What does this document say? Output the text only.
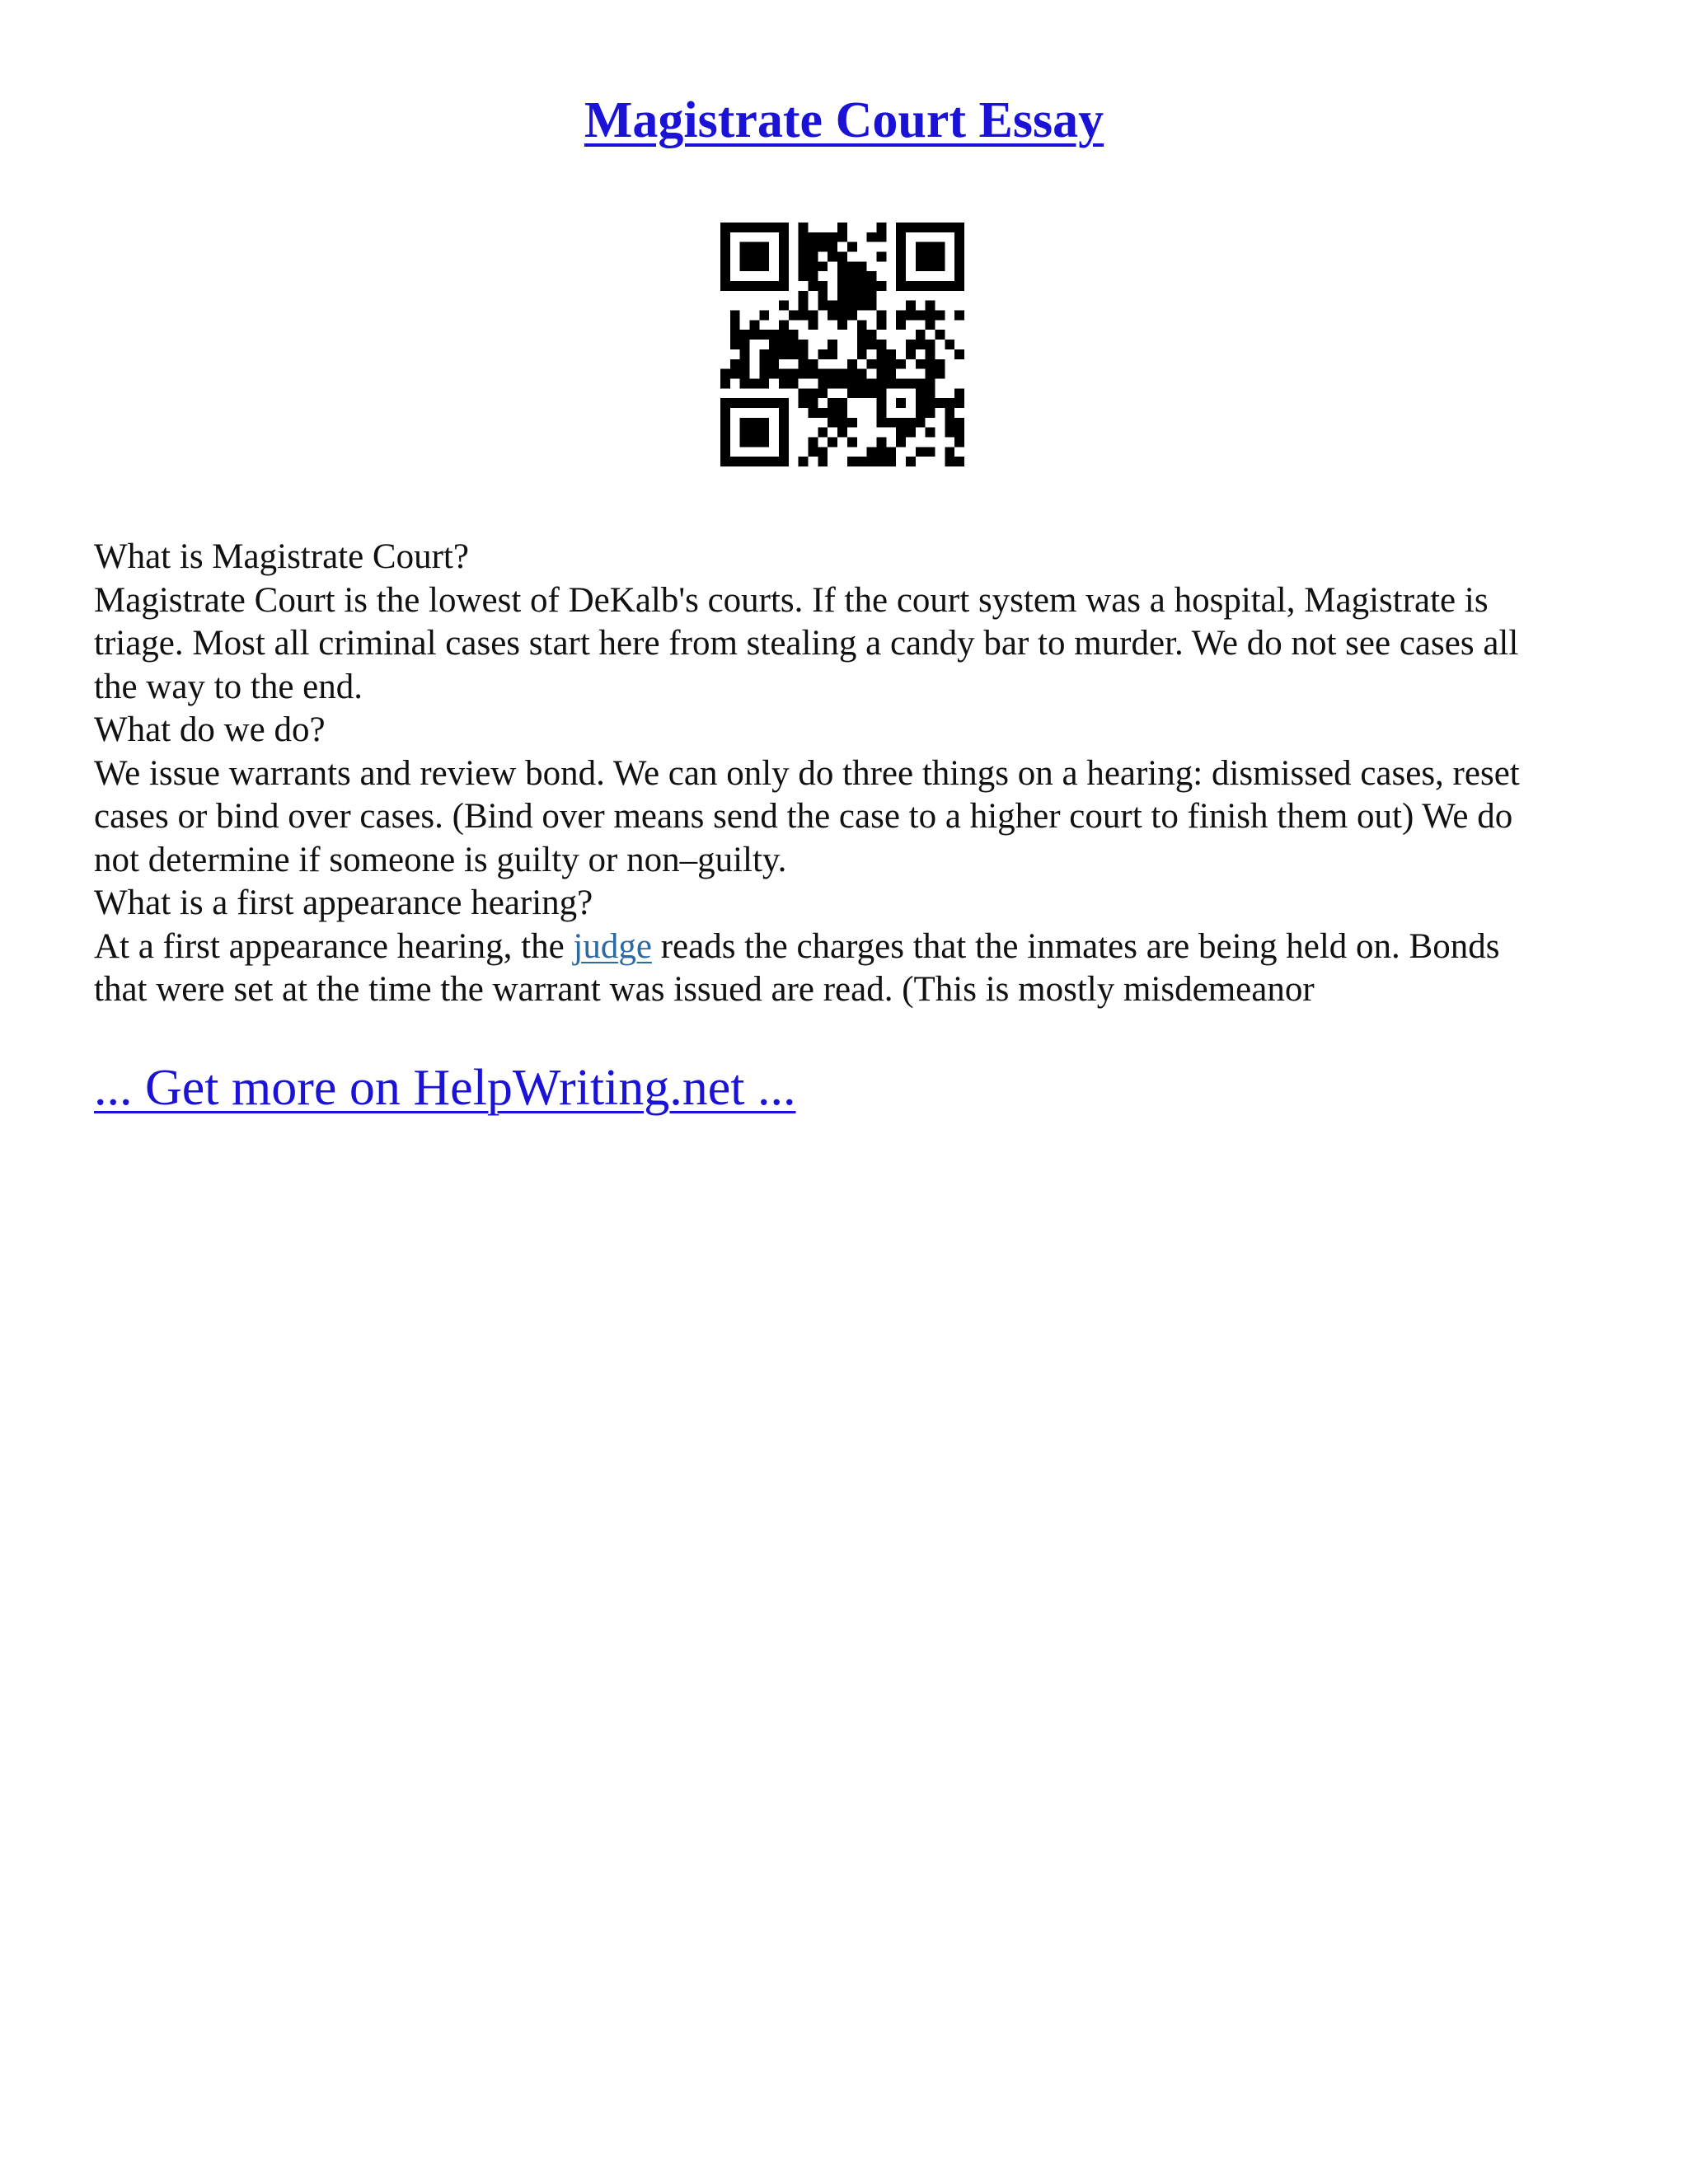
Magistrate Court Essay
What is Magistrate Court?
Magistrate Court is the lowest of DeKalb's courts. If the court system was a hospital, Magistrate is
triage. Most all criminal cases start here from stealing a candy bar to murder. We do not see cases all
the way to the end.
What do we do?
We issue warrants and review bond. We can only do three things on a hearing: dismissed cases, reset
cases or bind over cases. (Bind over means send the case to a higher court to finish them out) We do
not determine if someone is guilty or non–guilty.
What is a first appearance hearing?
At a first appearance hearing, the judge reads the charges that the inmates are being held on. Bonds
that were set at the time the warrant was issued are read. (This is mostly misdemeanor
... Get more on HelpWriting.net ...
